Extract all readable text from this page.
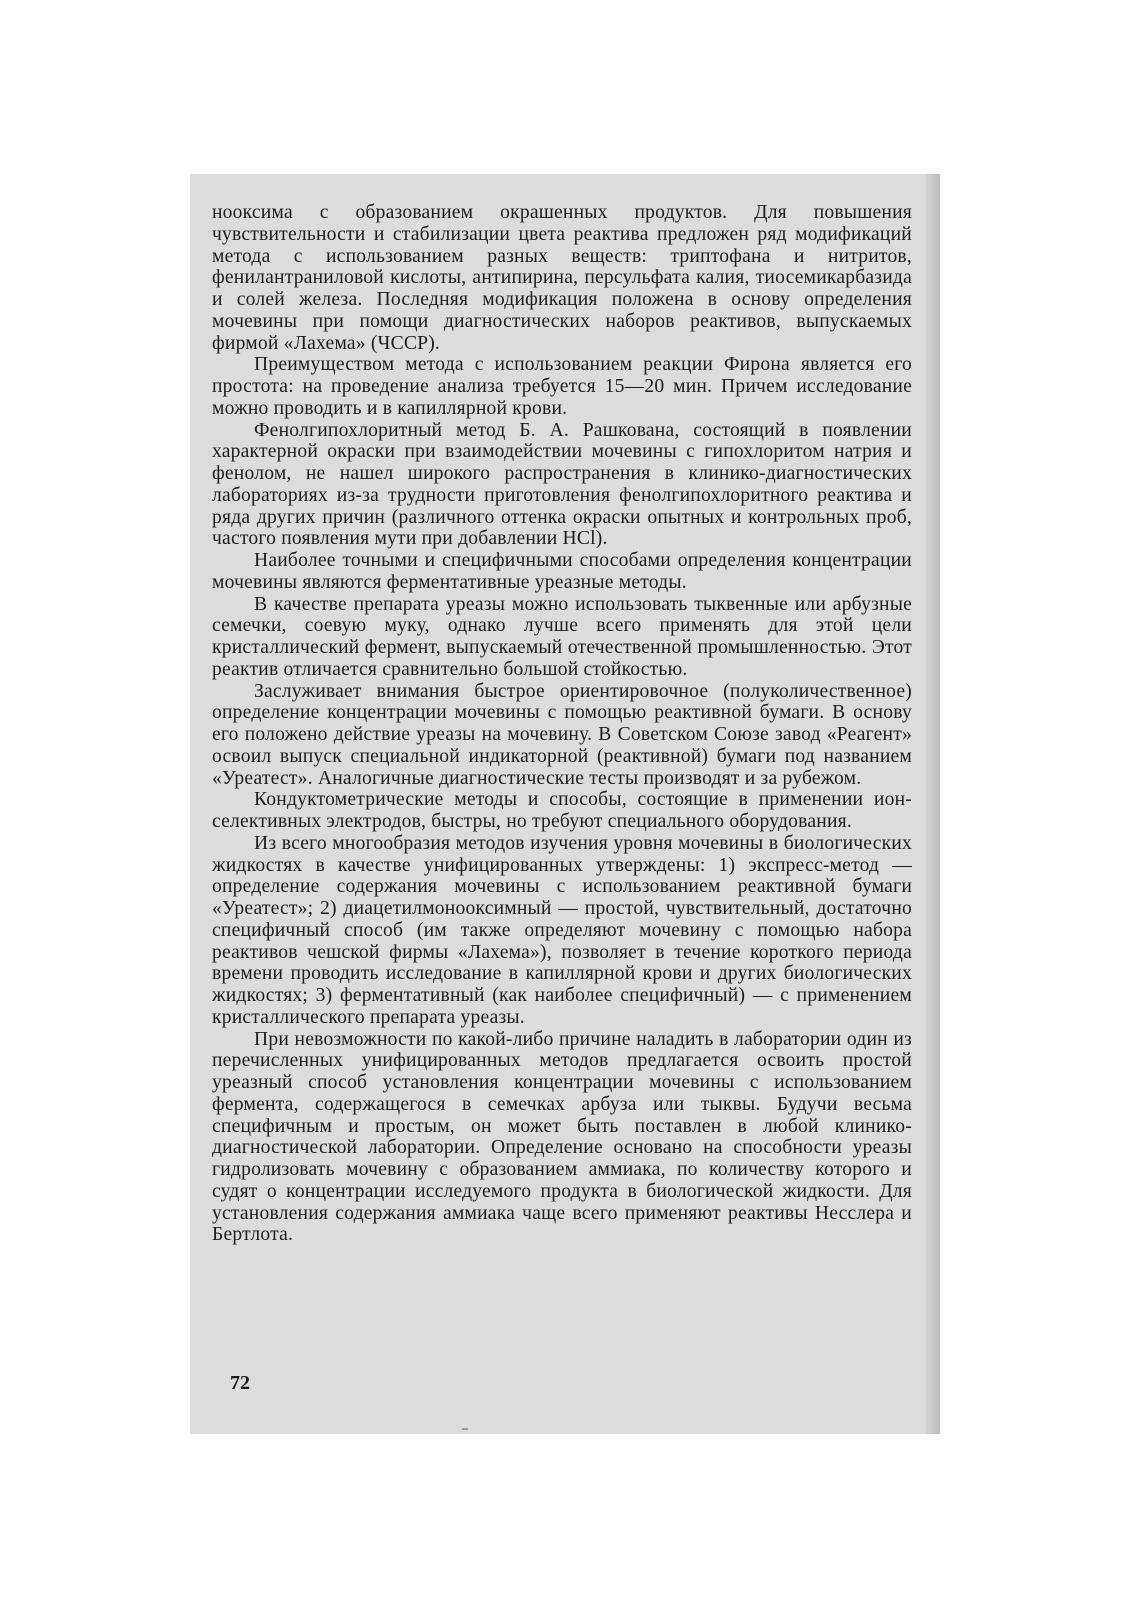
нооксима с образованием окрашенных продуктов. Для повышения чувствительности и стабилизации цвета реактива предложен ряд модификаций метода с использованием разных веществ: триптофана и нитритов, фенилантраниловой кислоты, антипирина, персульфата калия, тиосемикарбазида и солей железа. Последняя модификация положена в основу определения мочевины при помощи диагностических наборов реактивов, выпускаемых фирмой «Лахема» (ЧССР).

Преимуществом метода с использованием реакции Фирона является его простота: на проведение анализа требуется 15—20 мин. Причем исследование можно проводить и в капиллярной крови.

Фенолгипохлоритный метод Б. А. Рашкована, состоящий в появлении характерной окраски при взаимодействии мочевины с гипохлоритом натрия и фенолом, не нашел широкого распространения в клинико-диагностических лабораториях из-за трудности приготовления фенолгипохлоритного реактива и ряда других причин (различного оттенка окраски опытных и контрольных проб, частого появления мути при добавлении HCl).

Наиболее точными и специфичными способами определения концентрации мочевины являются ферментативные уреазные методы.

В качестве препарата уреазы можно использовать тыквенные или арбузные семечки, соевую муку, однако лучше всего применять для этой цели кристаллический фермент, выпускаемый отечественной промышленностью. Этот реактив отличается сравнительно большой стойкостью.

Заслуживает внимания быстрое ориентировочное (полуколичественное) определение концентрации мочевины с помощью реактивной бумаги. В основу его положено действие уреазы на мочевину. В Советском Союзе завод «Реагент» освоил выпуск специальной индикаторной (реактивной) бумаги под названием «Уреатест». Аналогичные диагностические тесты производят и за рубежом.

Кондуктометрические методы и способы, состоящие в применении ион-селективных электродов, быстры, но требуют специального оборудования.

Из всего многообразия методов изучения уровня мочевины в биологических жидкостях в качестве унифицированных утверждены: 1) экспресс-метод — определение содержания мочевины с использованием реактивной бумаги «Уреатест»; 2) диацетилмонооксимный — простой, чувствительный, достаточно специфичный способ (им также определяют мочевину с помощью набора реактивов чешской фирмы «Лахема»), позволяет в течение короткого периода времени проводить исследование в капиллярной крови и других биологических жидкостях; 3) ферментативный (как наиболее специфичный) — с применением кристаллического препарата уреазы.

При невозможности по какой-либо причине наладить в лаборатории один из перечисленных унифицированных методов предлагается освоить простой уреазный способ установления концентрации мочевины с использованием фермента, содержащегося в семечках арбуза или тыквы. Будучи весьма специфичным и простым, он может быть поставлен в любой клинико-диагностической лаборатории. Определение основано на способности уреазы гидролизовать мочевину с образованием аммиака, по количеству которого и судят о концентрации исследуемого продукта в биологической жидкости. Для установления содержания аммиака чаще всего применяют реактивы Несслера и Бертлота.

72
